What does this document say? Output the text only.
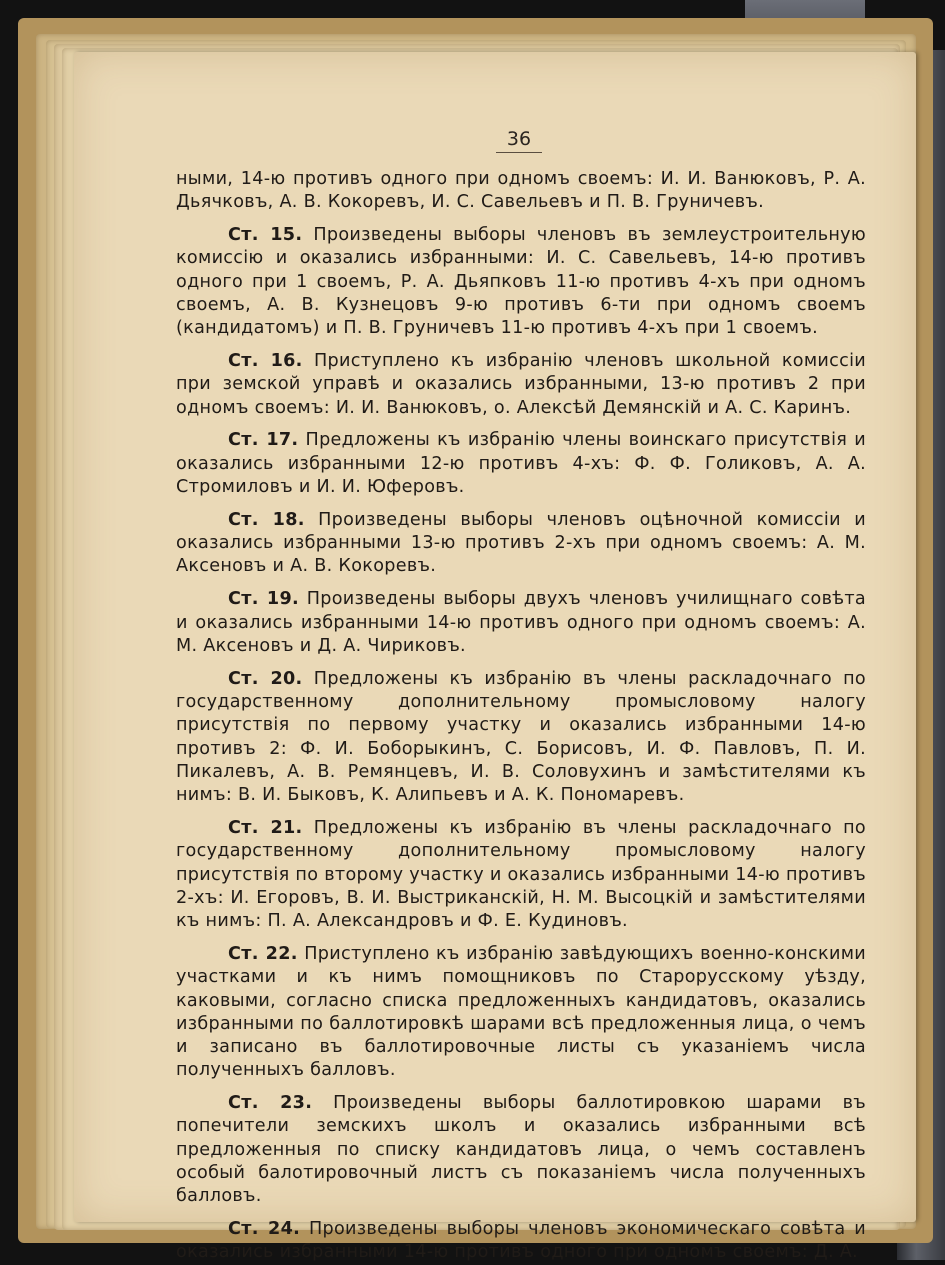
36

ными, 14-ю противъ одного при одномъ своемъ: И. И. Ванюковъ, Р. А. Дьячковъ, А. В. Кокоревъ, И. С. Савельевъ и П. В. Груничевъ.

Ст. 15. Произведены выборы членовъ въ землеустроительную комиссію и оказались избранными: И. С. Савельевъ, 14-ю противъ одного при 1 своемъ, Р. А. Дьяпковъ 11-ю противъ 4-хъ при одномъ своемъ, А. В. Кузнецовъ 9-ю противъ 6-ти при одномъ своемъ (кандидатомъ) и П. В. Груничевъ 11-ю противъ 4-хъ при 1 своемъ.

Ст. 16. Приступлено къ избранію членовъ школьной комиссіи при земской управѣ и оказались избранными, 13-ю противъ 2 при одномъ своемъ: И. И. Ванюковъ, о. Алексѣй Демянскій и А. С. Каринъ.

Ст. 17. Предложены къ избранію члены воинскаго присутствія и оказались избранными 12-ю противъ 4-хъ: Ф. Ф. Голиковъ, А. А. Стромиловъ и И. И. Юферовъ.

Ст. 18. Произведены выборы членовъ оцѣночной комиссіи и оказались избранными 13-ю противъ 2-хъ при одномъ своемъ: А. М. Аксеновъ и А. В. Кокоревъ.

Ст. 19. Произведены выборы двухъ членовъ училищнаго совѣта и оказались избранными 14-ю противъ одного при одномъ своемъ: А. М. Аксеновъ и Д. А. Чириковъ.

Ст. 20. Предложены къ избранію въ члены раскладочнаго по государственному дополнительному промысловому налогу присутствія по первому участку и оказались избранными 14-ю противъ 2: Ф. И. Боборыкинъ, С. Борисовъ, И. Ф. Павловъ, П. И. Пикалевъ, А. В. Ремянцевъ, И. В. Соловухинъ и замѣстителями къ нимъ: В. И. Быковъ, К. Алипьевъ и А. К. Пономаревъ.

Ст. 21. Предложены къ избранію въ члены раскладочнаго по государственному дополнительному промысловому налогу присутствія по второму участку и оказались избранными 14-ю противъ 2-хъ: И. Егоровъ, В. И. Выстриканскій, Н. М. Высоцкій и замѣстителями къ нимъ: П. А. Александровъ и Ф. Е. Кудиновъ.

Ст. 22. Приступлено къ избранію завѣдующихъ военно-конскими участками и къ нимъ помощниковъ по Старорусскому уѣзду, каковыми, согласно списка предложенныхъ кандидатовъ, оказались избранными по баллотировкѣ шарами всѣ предложенныя лица, о чемъ и записано въ баллотировочные листы съ указаніемъ числа полученныхъ балловъ.

Ст. 23. Произведены выборы баллотировкою шарами въ попечители земскихъ школъ и оказались избранными всѣ предложенныя по списку кандидатовъ лица, о чемъ составленъ особый балотировочный листъ съ показаніемъ числа полученныхъ балловъ.

Ст. 24. Произведены выборы членовъ экономическаго совѣта и оказались избранными 14-ю противъ одного при одномъ своемъ: Д. А.
